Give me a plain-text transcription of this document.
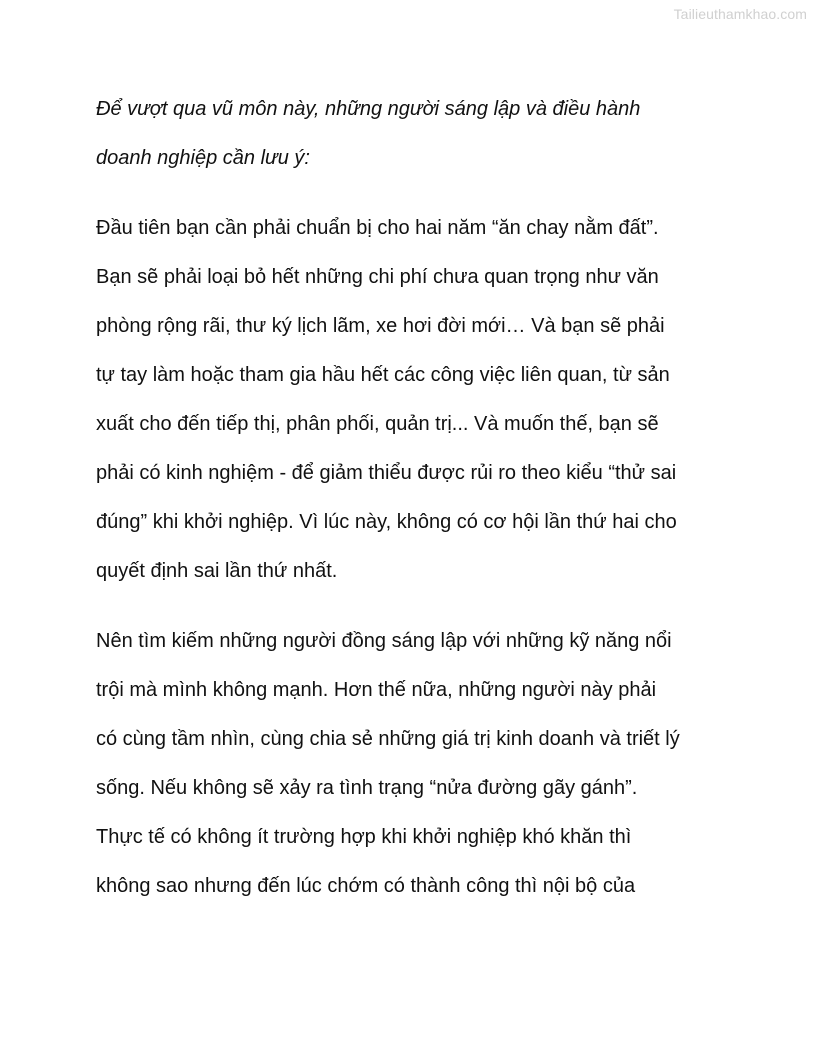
Tailieuthamkhao.com
Để vượt qua vũ môn này, những người sáng lập và điều hành
doanh nghiệp cần lưu ý:
Đầu tiên bạn cần phải chuẩn bị cho hai năm “ăn chay nằm đất”.
Bạn sẽ phải loại bỏ hết những chi phí chưa quan trọng như văn
phòng rộng rãi, thư ký lịch lãm, xe hơi đời mới… Và bạn sẽ phải
tự tay làm hoặc tham gia hầu hết các công việc liên quan, từ sản
xuất cho đến tiếp thị, phân phối, quản trị... Và muốn thế, bạn sẽ
phải có kinh nghiệm - để giảm thiểu được rủi ro theo kiểu “thử sai
đúng” khi khởi nghiệp. Vì lúc này, không có cơ hội lần thứ hai cho
quyết định sai lần thứ nhất.
Nên tìm kiếm những người đồng sáng lập với những kỹ năng nổi
trội mà mình không mạnh. Hơn thế nữa, những người này phải
có cùng tầm nhìn, cùng chia sẻ những giá trị kinh doanh và triết lý
sống. Nếu không sẽ xảy ra tình trạng “nửa đường gãy gánh”.
Thực tế có không ít trường hợp khi khởi nghiệp khó khăn thì
không sao nhưng đến lúc chớm có thành công thì nội bộ của
